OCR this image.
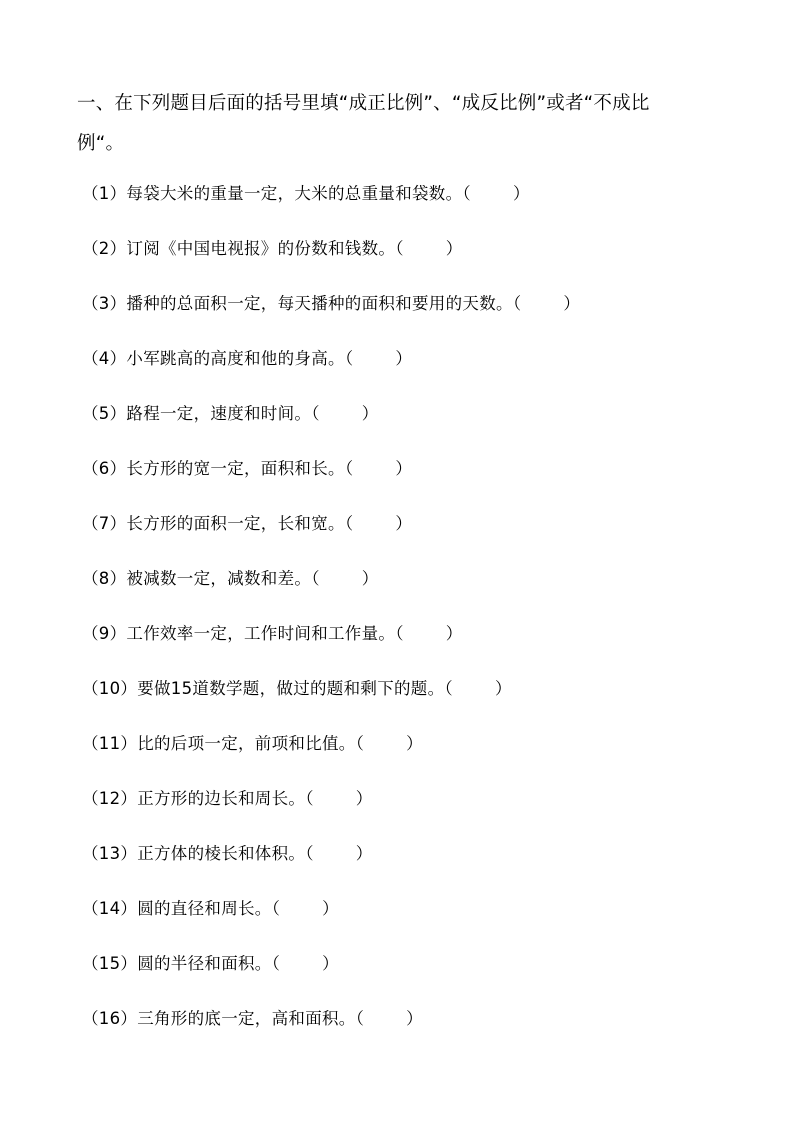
一、在下列题目后面的括号里填“成正比例”、“成反比例”或者“不成比
例“。
（1）每袋大米的重量一定，大米的总重量和袋数。（	）
（2）订阅《中国电视报》的份数和钱数。（	）
（3）播种的总面积一定，每天播种的面积和要用的天数。（	）
（4）小军跳高的高度和他的身高。（	）
（5）路程一定，速度和时间。（	）
（6）长方形的宽一定，面积和长。（	）
（7）长方形的面积一定，长和宽。（	）
（8）被减数一定，减数和差。（	）
（9）工作效率一定，工作时间和工作量。（	）
（10）要做15道数学题，做过的题和剩下的题。（	）
（11）比的后项一定，前项和比值。（	）
（12）正方形的边长和周长。（	）
（13）正方体的棱长和体积。（	）
（14）圆的直径和周长。（	）
（15）圆的半径和面积。（	）
（16）三角形的底一定，高和面积。（	）
